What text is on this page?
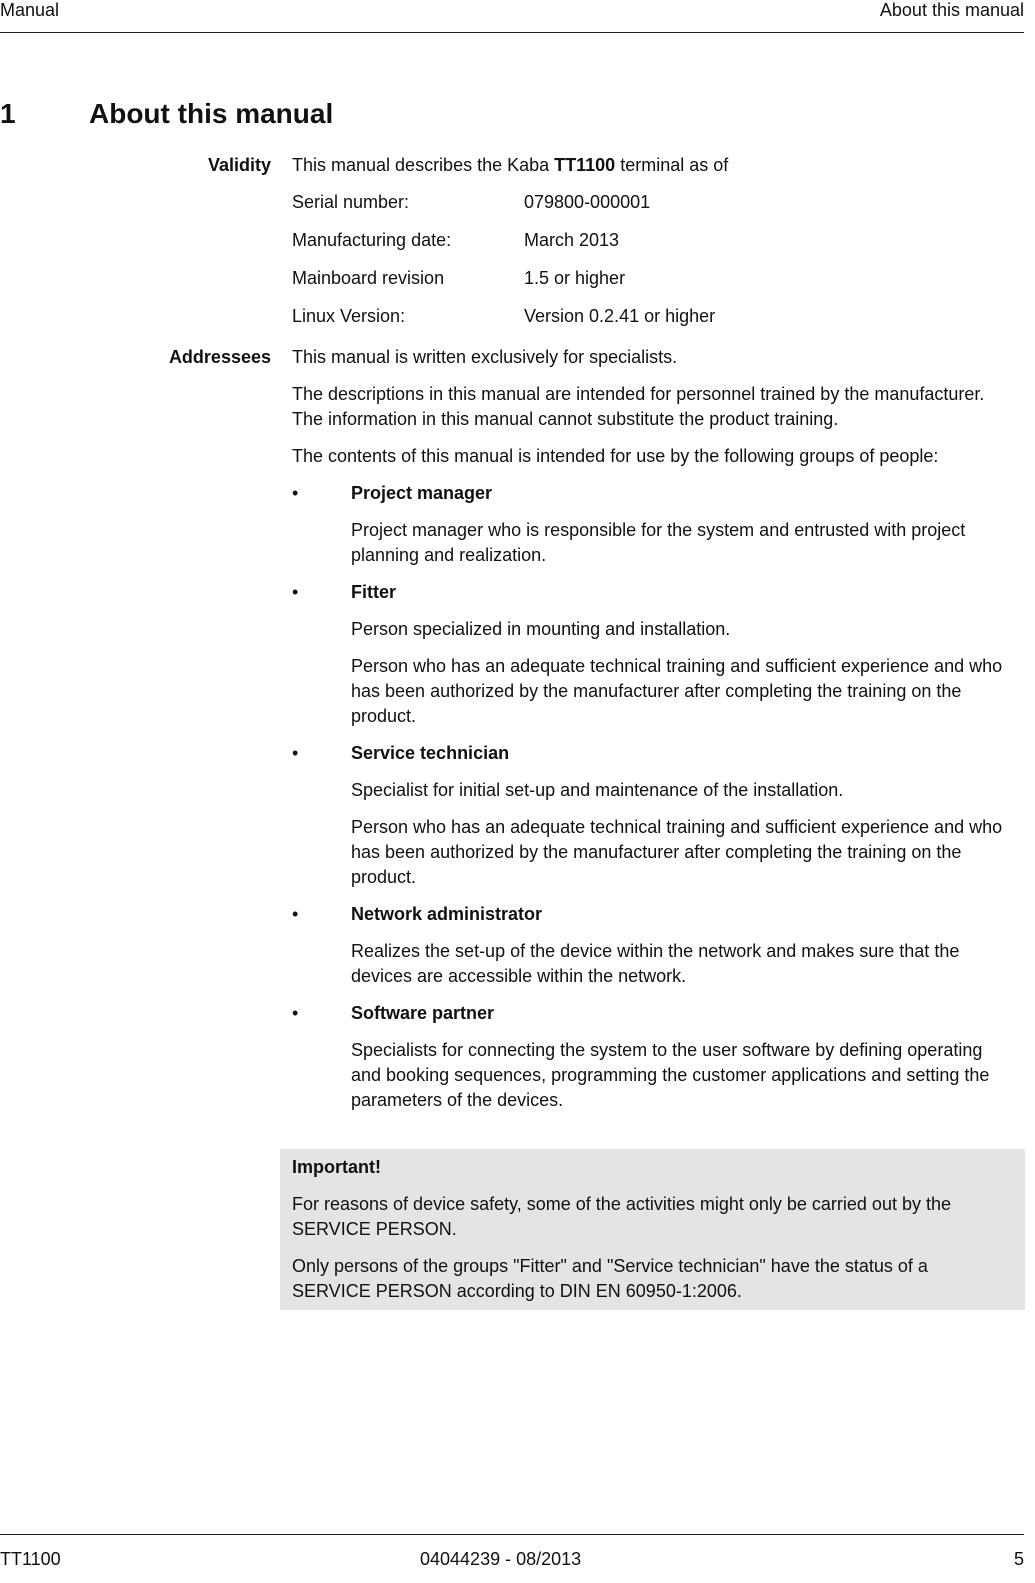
Manual	About this manual
1	About this manual
Validity This manual describes the Kaba TT1100 terminal as of

Serial number:	079800-000001
Manufacturing date:	March 2013
Mainboard revision	1.5 or higher
Linux Version:	Version 0.2.41 or higher
Addressees This manual is written exclusively for specialists.

The descriptions in this manual are intended for personnel trained by the manufacturer. The information in this manual cannot substitute the product training.

The contents of this manual is intended for use by the following groups of people:

•	Project manager

Project manager who is responsible for the system and entrusted with project planning and realization.

•	Fitter

Person specialized in mounting and installation.

Person who has an adequate technical training and sufficient experience and who has been authorized by the manufacturer after completing the training on the product.

•	Service technician

Specialist for initial set-up and maintenance of the installation.

Person who has an adequate technical training and sufficient experience and who has been authorized by the manufacturer after completing the training on the product.

•	Network administrator

Realizes the set-up of the device within the network and makes sure that the devices are accessible within the network.

•	Software partner

Specialists for connecting the system to the user software by defining operating and booking sequences, programming the customer applications and setting the parameters of the devices.

Important!

For reasons of device safety, some of the activities might only be carried out by the SERVICE PERSON.

Only persons of the groups "Fitter" and "Service technician" have the status of a SERVICE PERSON according to DIN EN 60950-1:2006.

TT1100	04044239 - 08/2013	5
